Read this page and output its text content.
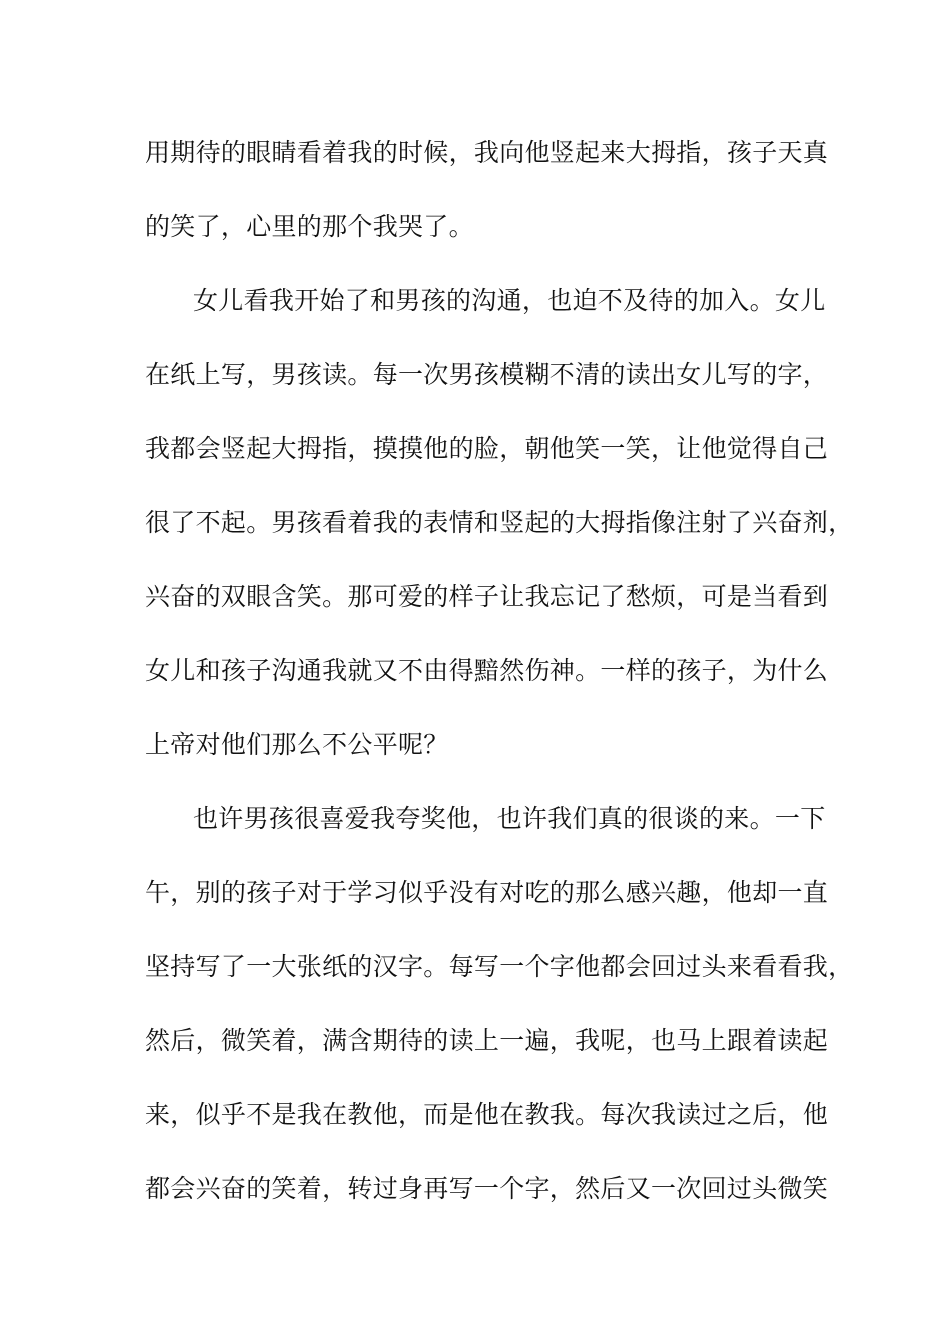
用期待的眼睛看着我的时候，我向他竖起来大拇指，孩子天真
的笑了，心里的那个我哭了。
女儿看我开始了和男孩的沟通，也迫不及待的加入。女儿
在纸上写，男孩读。每一次男孩模糊不清的读出女儿写的字，
我都会竖起大拇指，摸摸他的脸，朝他笑一笑，让他觉得自己
很了不起。男孩看着我的表情和竖起的大拇指像注射了兴奋剂，
兴奋的双眼含笑。那可爱的样子让我忘记了愁烦，可是当看到
女儿和孩子沟通我就又不由得黯然伤神。一样的孩子，为什么
上帝对他们那么不公平呢？
也许男孩很喜爱我夸奖他，也许我们真的很谈的来。一下
午，别的孩子对于学习似乎没有对吃的那么感兴趣，他却一直
坚持写了一大张纸的汉字。每写一个字他都会回过头来看看我，
然后，微笑着，满含期待的读上一遍，我呢，也马上跟着读起
来，似乎不是我在教他，而是他在教我。每次我读过之后，他
都会兴奋的笑着，转过身再写一个字，然后又一次回过头微笑
